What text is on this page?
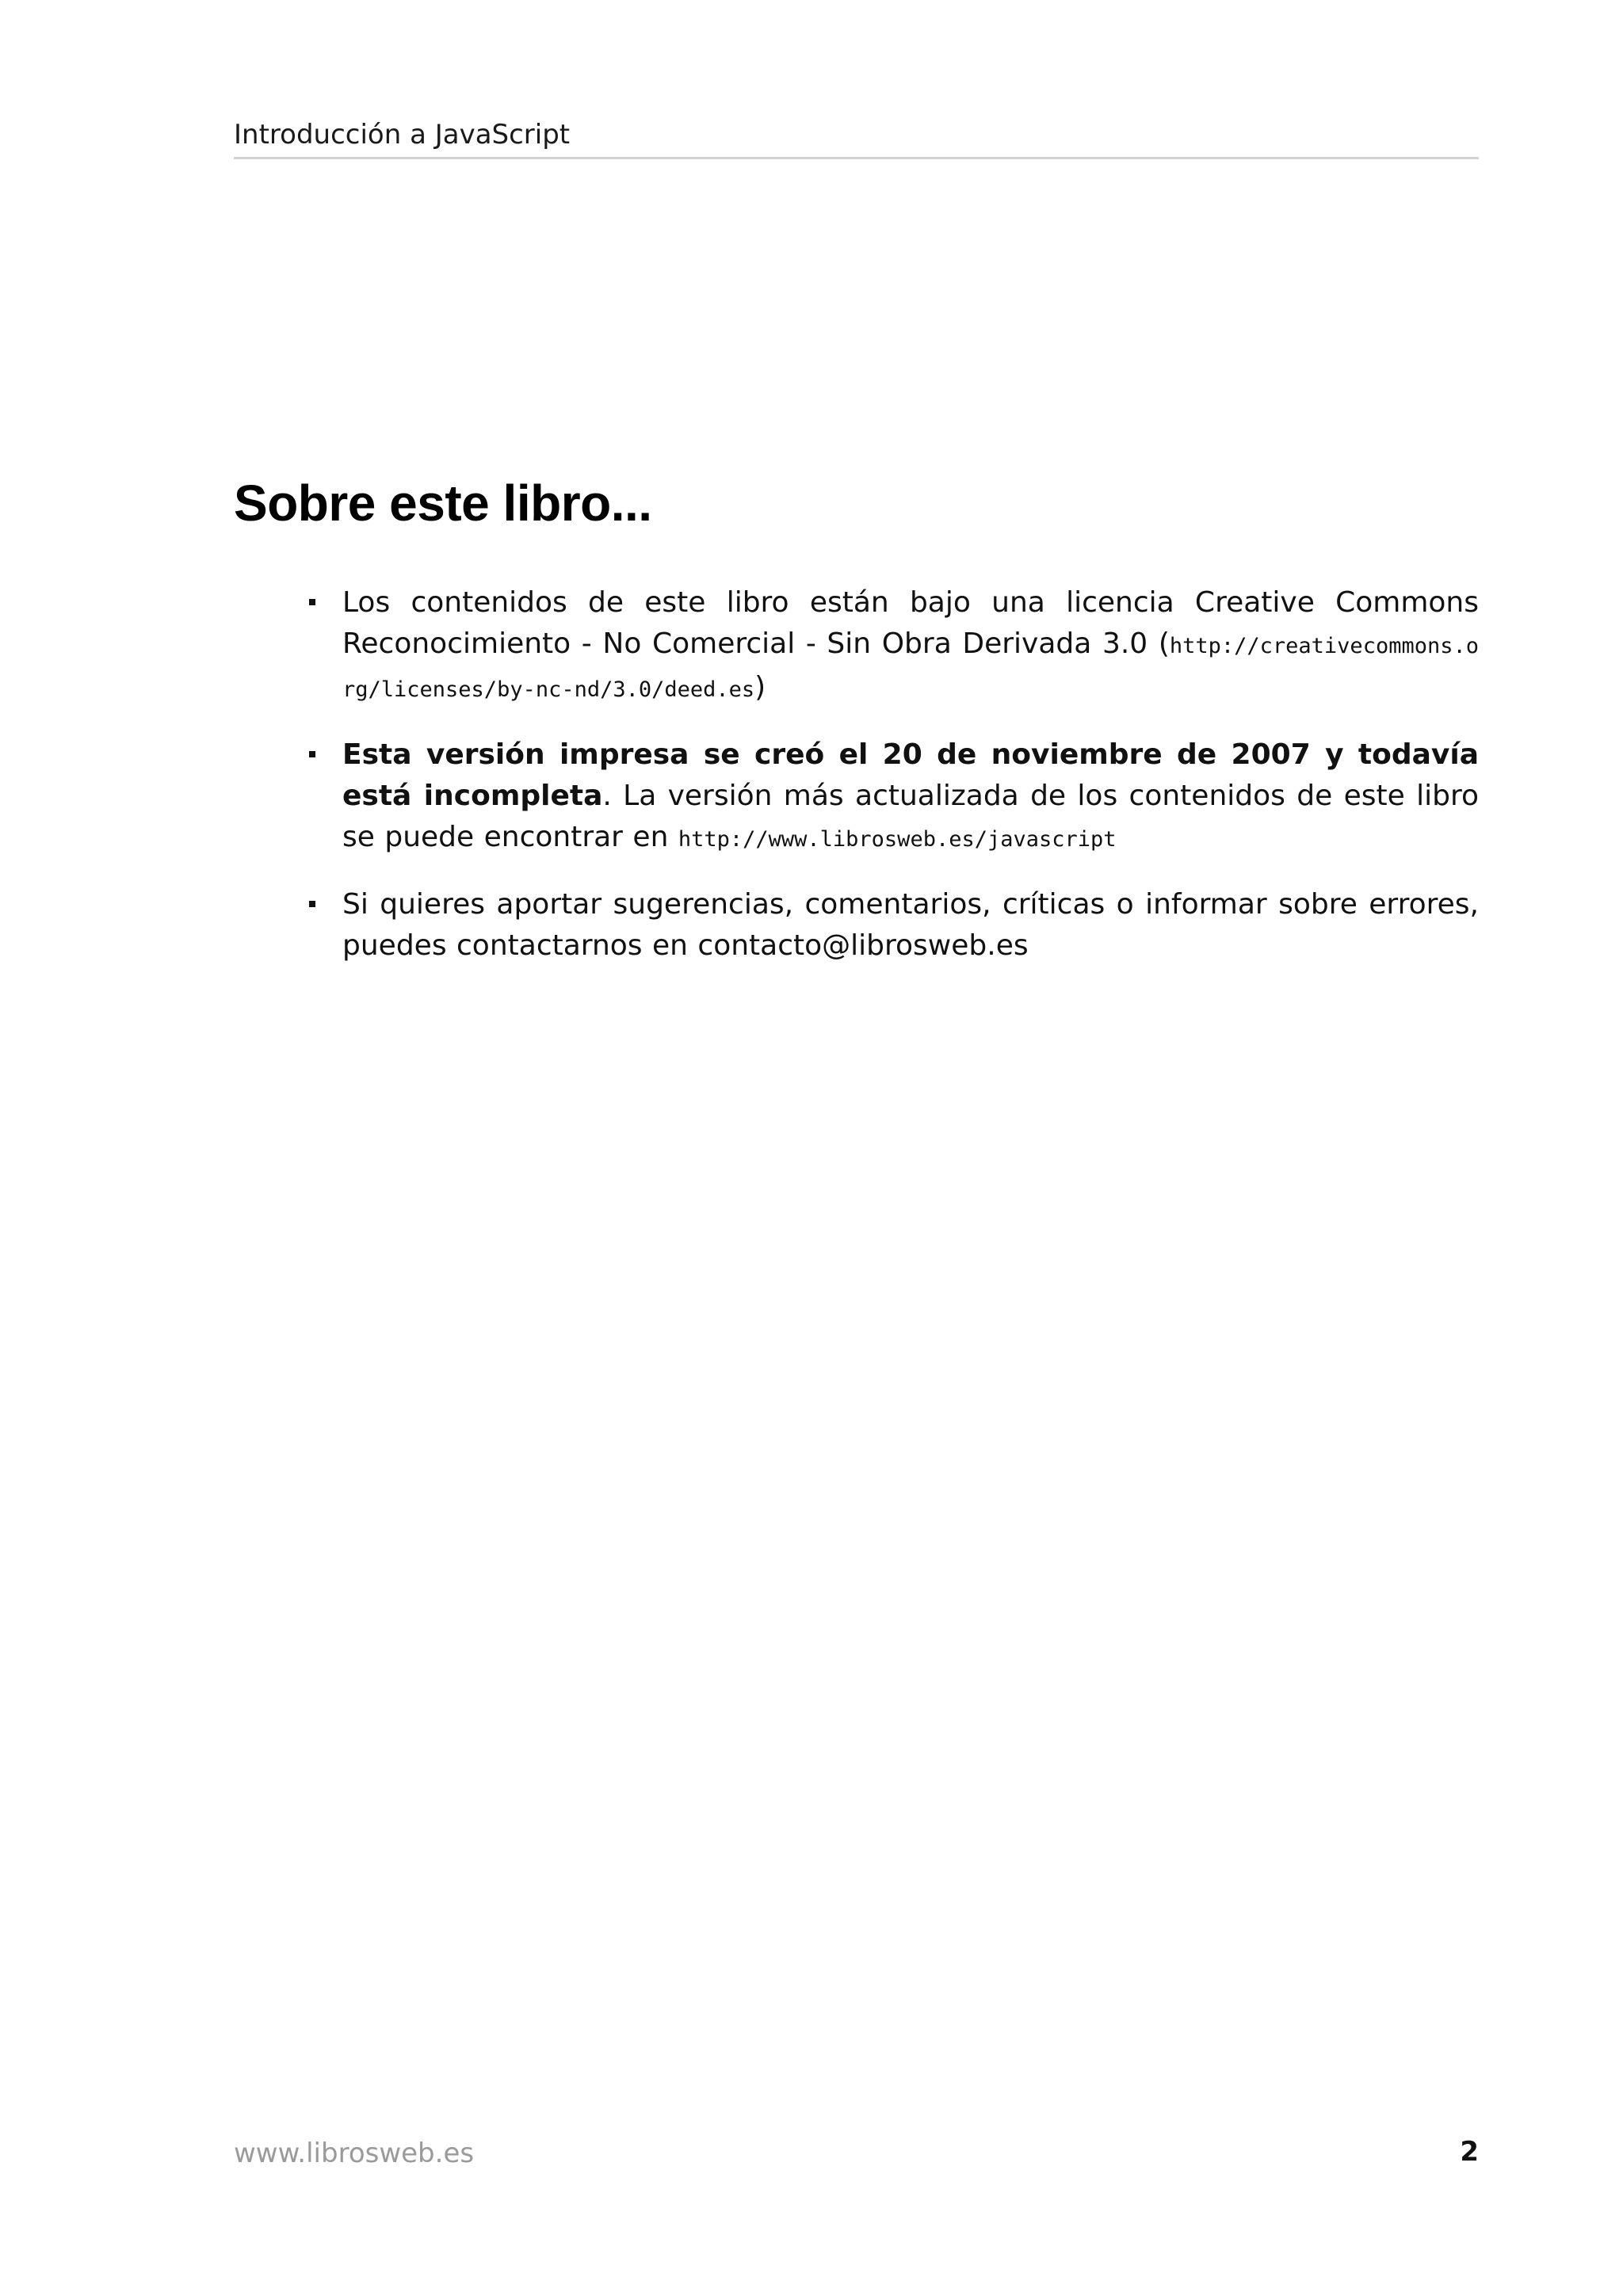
Introducción a JavaScript
Sobre este libro...
Los contenidos de este libro están bajo una licencia Creative Commons Reconocimiento - No Comercial - Sin Obra Derivada 3.0 (http://creativecommons.org/licenses/by-nc-nd/3.0/deed.es)
Esta versión impresa se creó el 20 de noviembre de 2007 y todavía está incompleta. La versión más actualizada de los contenidos de este libro se puede encontrar en http://www.librosweb.es/javascript
Si quieres aportar sugerencias, comentarios, críticas o informar sobre errores, puedes contactarnos en contacto@librosweb.es
www.librosweb.es	2
